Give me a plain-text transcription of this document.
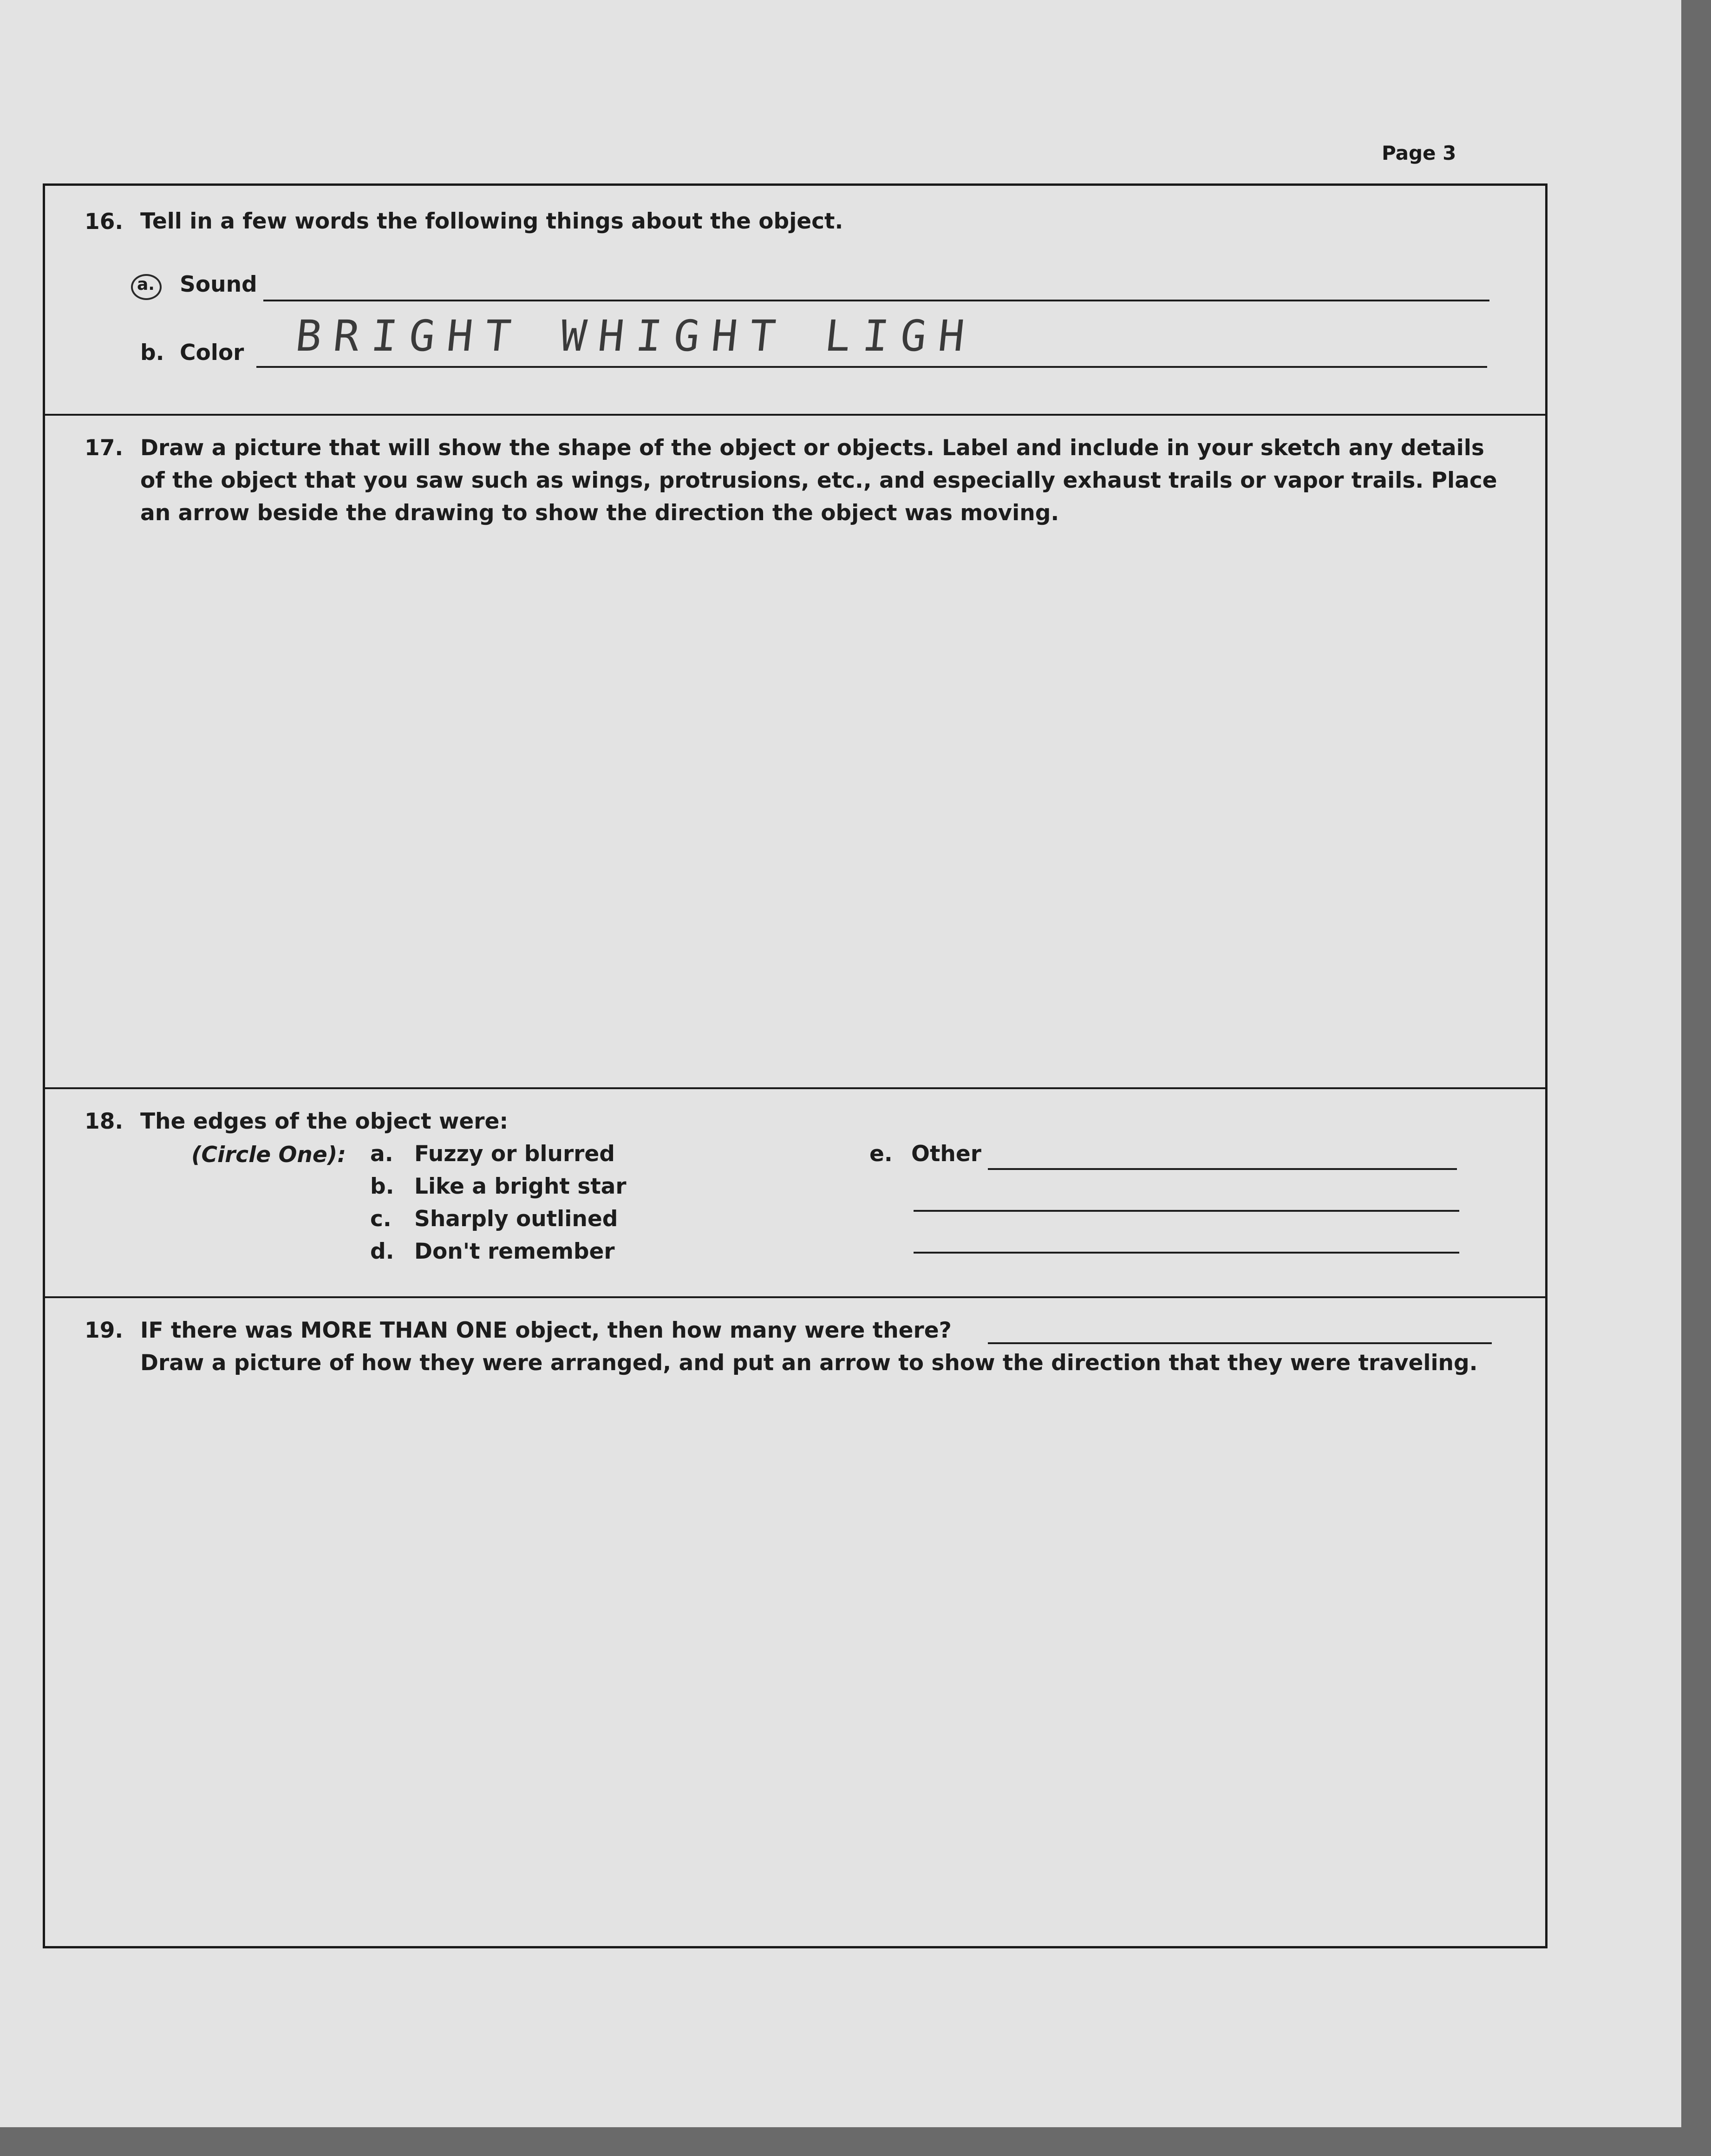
Page 3
16. Tell in a few words the following things about the object.
a. Sound
b. Color BRIGHT WHIGHT LIGH
17. Draw a picture that will show the shape of the object or objects. Label and include in your sketch any details
of the object that you saw such as wings, protrusions, etc., and especially exhaust trails or vapor trails. Place
an arrow beside the drawing to show the direction the object was moving.
18. The edges of the object were:
(Circle One): a. Fuzzy or blurred
b. Like a bright star
c. Sharply outlined
d. Don't remember
e. Other
19. IF there was MORE THAN ONE object, then how many were there?
Draw a picture of how they were arranged, and put an arrow to show the direction that they were traveling.
